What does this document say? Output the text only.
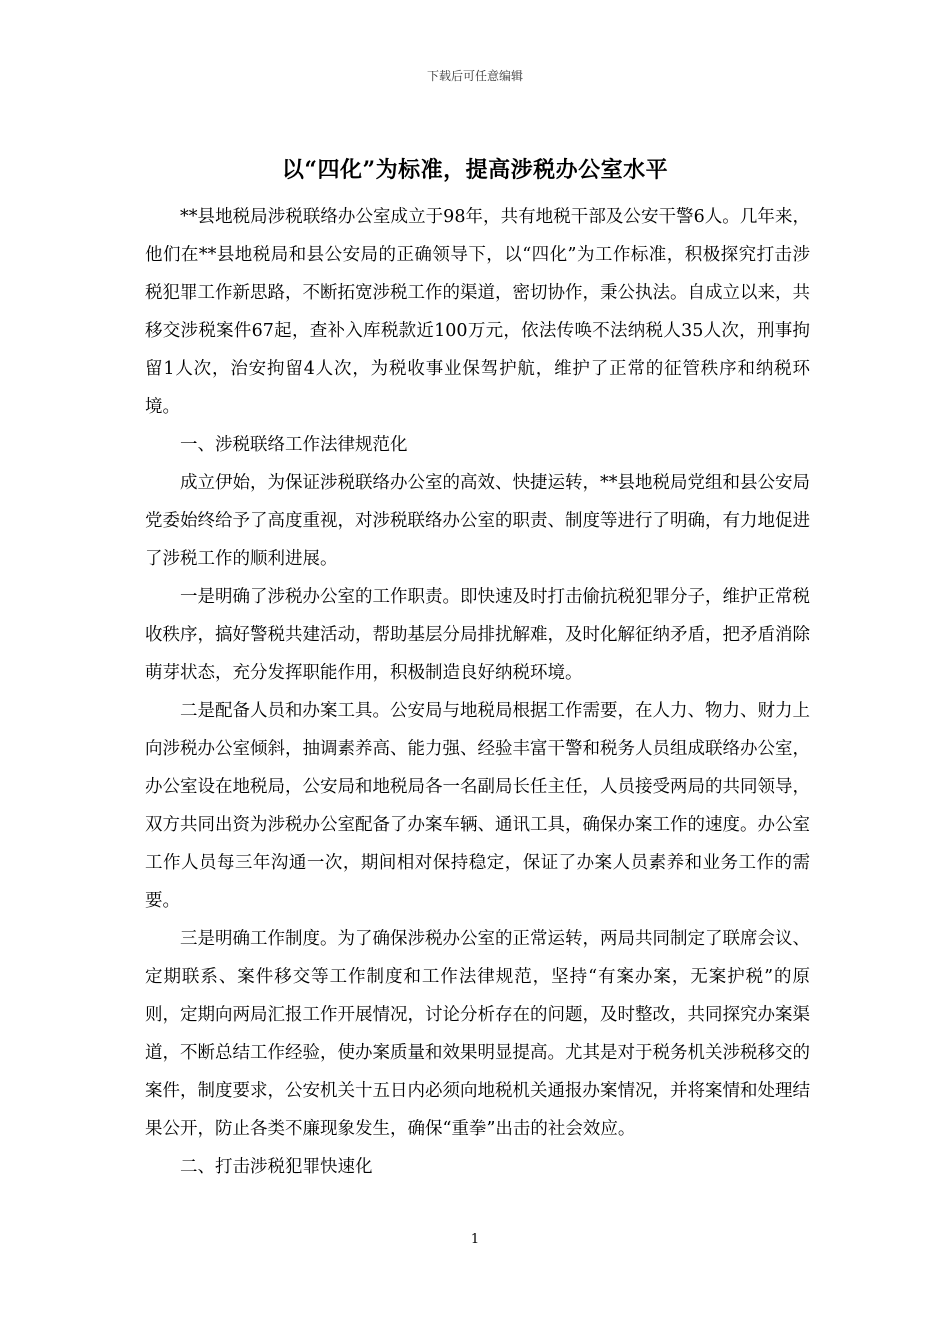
下载后可任意编辑
以“四化”为标准，提高涉税办公室水平

**县地税局涉税联络办公室成立于98年，共有地税干部及公安干警6人。几年来，他们在**县地税局和县公安局的正确领导下，以“四化”为工作标准，积极探究打击涉税犯罪工作新思路，不断拓宽涉税工作的渠道，密切协作，秉公执法。自成立以来，共移交涉税案件67起，查补入库税款近100万元，依法传唤不法纳税人35人次，刑事拘留1人次，治安拘留4人次，为税收事业保驾护航，维护了正常的征管秩序和纳税环境。

一、涉税联络工作法律规范化

成立伊始，为保证涉税联络办公室的高效、快捷运转，**县地税局党组和县公安局党委始终给予了高度重视，对涉税联络办公室的职责、制度等进行了明确，有力地促进了涉税工作的顺利进展。

一是明确了涉税办公室的工作职责。即快速及时打击偷抗税犯罪分子，维护正常税收秩序，搞好警税共建活动，帮助基层分局排扰解难，及时化解征纳矛盾，把矛盾消除萌芽状态，充分发挥职能作用，积极制造良好纳税环境。

二是配备人员和办案工具。公安局与地税局根据工作需要，在人力、物力、财力上向涉税办公室倾斜，抽调素养高、能力强、经验丰富干警和税务人员组成联络办公室，办公室设在地税局，公安局和地税局各一名副局长任主任，人员接受两局的共同领导，双方共同出资为涉税办公室配备了办案车辆、通讯工具，确保办案工作的速度。办公室工作人员每三年沟通一次，期间相对保持稳定，保证了办案人员素养和业务工作的需要。

三是明确工作制度。为了确保涉税办公室的正常运转，两局共同制定了联席会议、定期联系、案件移交等工作制度和工作法律规范，坚持“有案办案，无案护税”的原则，定期向两局汇报工作开展情况，讨论分析存在的问题，及时整改，共同探究办案渠道，不断总结工作经验，使办案质量和效果明显提高。尤其是对于税务机关涉税移交的案件，制度要求，公安机关十五日内必须向地税机关通报办案情况，并将案情和处理结果公开，防止各类不廉现象发生，确保“重拳”出击的社会效应。

二、打击涉税犯罪快速化

1
